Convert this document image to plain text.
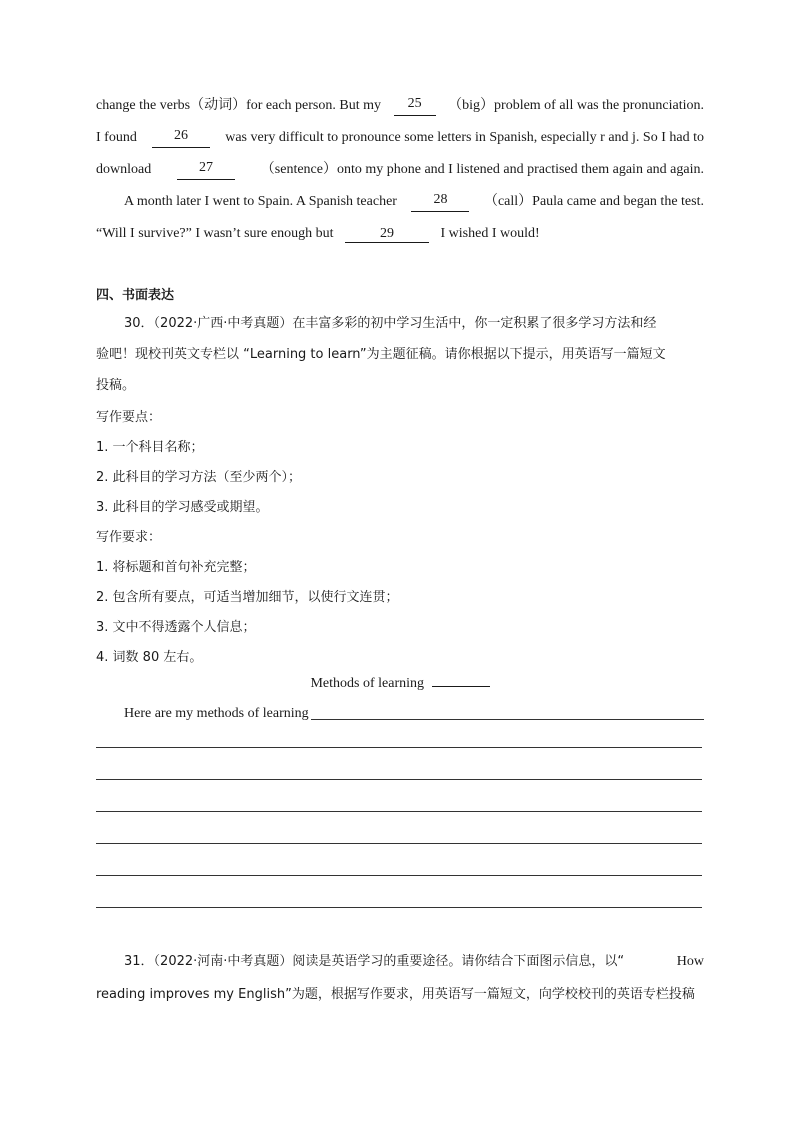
change the verbs（动词）for each person. But my	25	（big）problem of all was the pronunciation.
I found	26	was very difficult to pronounce some letters in Spanish, especially r and j. So I had to
download	27	（sentence）onto my phone and I listened and practised them again and again.
A month later I went to Spain. A Spanish teacher	28	（call）Paula came and began the test.
“Will I survive?” I wasn’t sure enough but	29	I wished I would!
四、书面表达
30．（2022·广西·中考真题）在丰富多彩的初中学习生活中，你一定积累了很多学习方法和经
验吧！现校刊英文专栏以 “Learning to learn”为主题征稿。请你根据以下提示，用英语写一篇短文
投稿。
写作要点：
1. 一个科目名称；
2. 此科目的学习方法（至少两个）；
3. 此科目的学习感受或期望。
写作要求：
1. 将标题和首句补充完整；
2. 包含所有要点，可适当增加细节，以使行文连贯；
3. 文中不得透露个人信息；
4. 词数 80 左右。
Methods of learning
Here are my methods of learning
31．（2022·河南·中考真题）阅读是英语学习的重要途径。请你结合下面图示信息，以“	How
reading improves my English”为题，根据写作要求，用英语写一篇短文，向学校校刊的英语专栏投稿
